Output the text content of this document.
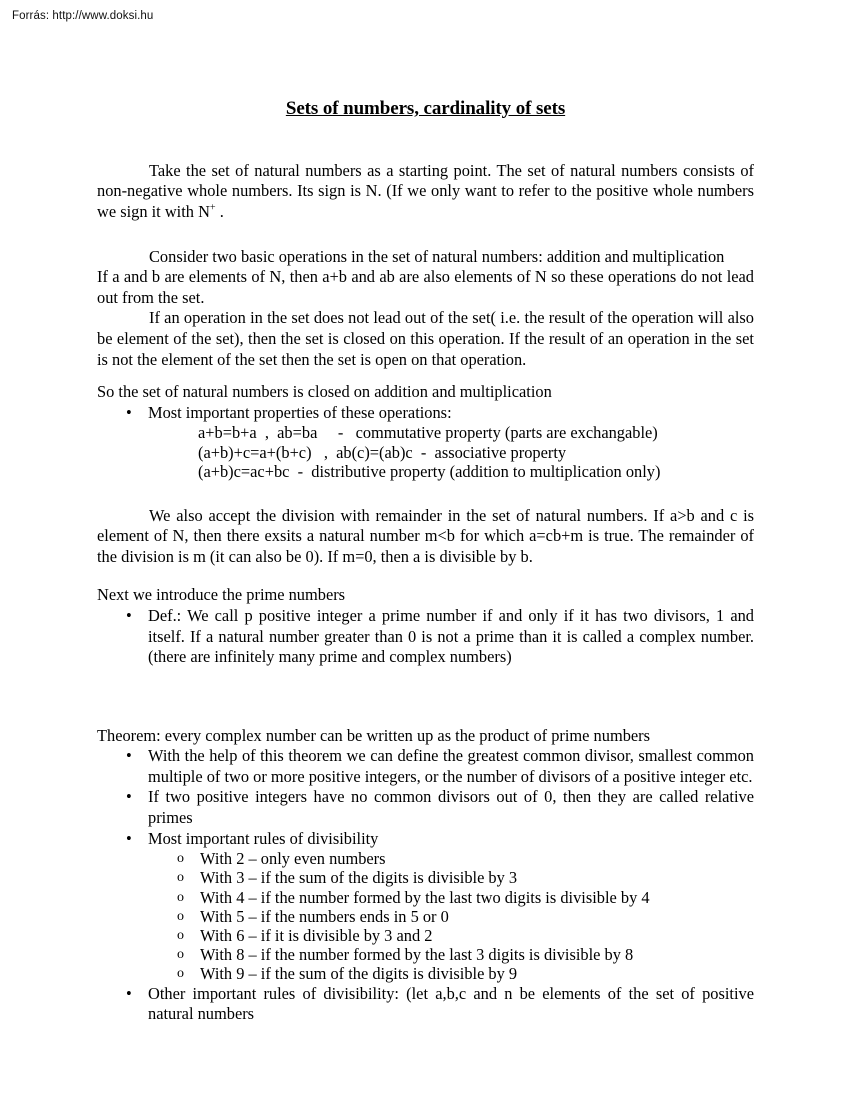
Forrás: http://www.doksi.hu
Sets of numbers, cardinality of sets

Take the set of natural numbers as a starting point. The set of natural numbers consists of non-negative whole numbers. Its sign is N. (If we only want to refer to the positive whole numbers we sign it with N+ .

Consider two basic operations in the set of natural numbers: addition and multiplication

If a and b are elements of N, then a+b and ab are also elements of N so these operations do not lead out from the set.

If an operation in the set does not lead out of the set( i.e. the result of the operation will also be element of the set), then the set is closed on this operation. If the result of an operation in the set is not the element of the set then the set is open on that operation.

So the set of natural numbers is closed on addition and multiplication

• Most important properties of these operations:
a+b=b+a  ,  ab=ba     -   commutative property (parts are exchangable)
(a+b)+c=a+(b+c)   ,  ab(c)=(ab)c  -  associative property
(a+b)c=ac+bc  -  distributive property (addition to multiplication only)

We also accept the division with remainder in the set of natural numbers. If a>b and c is element of N, then there exsits a natural number m<b for which a=cb+m is true. The remainder of the division is m (it can also be 0). If m=0, then a is divisible by b.

Next we introduce the prime numbers

• Def.: We call p positive integer a prime number if and only if it has two divisors, 1 and itself. If a natural number greater than 0 is not a prime than it is called a complex number. (there are infinitely many prime and complex numbers)

Theorem: every complex number can be written up as the product of prime numbers

• With the help of this theorem we can define the greatest common divisor, smallest common multiple of two or more positive integers, or the number of divisors of a positive integer etc.
• If two positive integers have no common divisors out of 0, then they are called relative primes
• Most important rules of divisibility
o With 2 – only even numbers
o With 3 – if the sum of the digits is divisible by 3
o With 4 – if the number formed by the last two digits is divisible by 4
o With 5 – if the numbers ends in 5 or 0
o With 6 – if it is divisible by 3 and 2
o With 8 – if the number formed by the last 3 digits is divisible by 8
o With 9 – if the sum of the digits is divisible by 9
• Other important rules of divisibility: (let a,b,c and n be elements of the set of positive natural numbers
